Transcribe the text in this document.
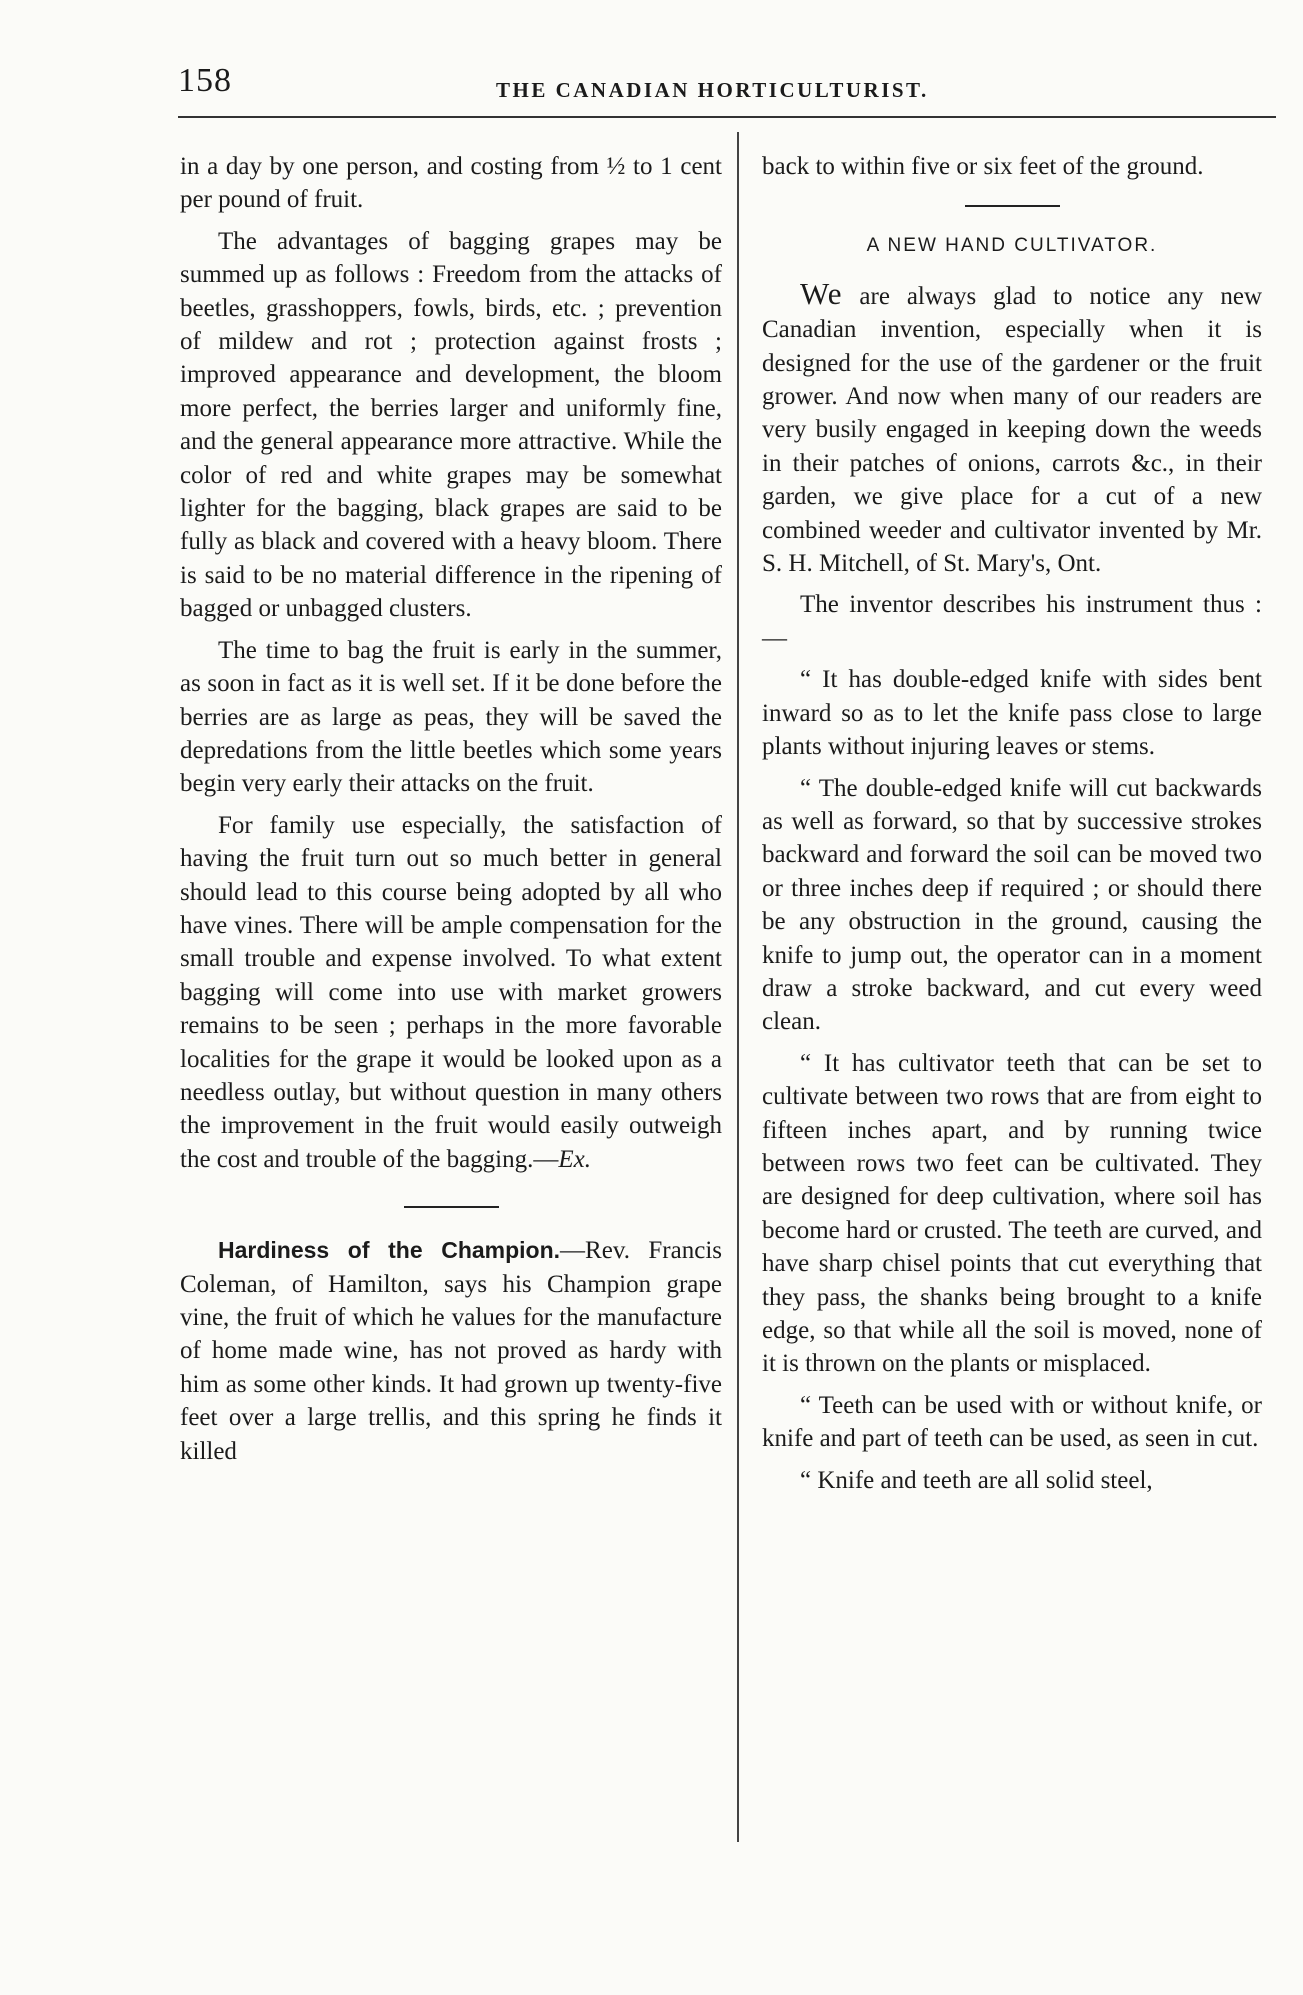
158	THE CANADIAN HORTICULTURIST.

in a day by one person, and costing from ½ to 1 cent per pound of fruit.

The advantages of bagging grapes may be summed up as follows : Freedom from the attacks of beetles, grasshoppers, fowls, birds, etc. ; prevention of mildew and rot ; protection against frosts ; improved appearance and development, the bloom more perfect, the berries larger and uniformly fine, and the general appearance more attractive. While the color of red and white grapes may be somewhat lighter for the bagging, black grapes are said to be fully as black and covered with a heavy bloom. There is said to be no material difference in the ripening of bagged or unbagged clusters.

The time to bag the fruit is early in the summer, as soon in fact as it is well set. If it be done before the berries are as large as peas, they will be saved the depredations from the little beetles which some years begin very early their attacks on the fruit.

For family use especially, the satisfaction of having the fruit turn out so much better in general should lead to this course being adopted by all who have vines. There will be ample compensation for the small trouble and expense involved. To what extent bagging will come into use with market growers remains to be seen ; perhaps in the more favorable localities for the grape it would be looked upon as a needless outlay, but without question in many others the improvement in the fruit would easily outweigh the cost and trouble of the bagging.—Ex.

Hardiness of the Champion.—Rev. Francis Coleman, of Hamilton, says his Champion grape vine, the fruit of which he values for the manufacture of home made wine, has not proved as hardy with him as some other kinds. It had grown up twenty-five feet over a large trellis, and this spring he finds it killed

back to within five or six feet of the ground.

A NEW HAND CULTIVATOR.

We are always glad to notice any new Canadian invention, especially when it is designed for the use of the gardener or the fruit grower. And now when many of our readers are very busily engaged in keeping down the weeds in their patches of onions, carrots &c., in their garden, we give place for a cut of a new combined weeder and cultivator invented by Mr. S. H. Mitchell, of St. Mary's, Ont.

The inventor describes his instrument thus :—

“ It has double-edged knife with sides bent inward so as to let the knife pass close to large plants without injuring leaves or stems.

“ The double-edged knife will cut backwards as well as forward, so that by successive strokes backward and forward the soil can be moved two or three inches deep if required ; or should there be any obstruction in the ground, causing the knife to jump out, the operator can in a moment draw a stroke backward, and cut every weed clean.

“ It has cultivator teeth that can be set to cultivate between two rows that are from eight to fifteen inches apart, and by running twice between rows two feet can be cultivated. They are designed for deep cultivation, where soil has become hard or crusted. The teeth are curved, and have sharp chisel points that cut everything that they pass, the shanks being brought to a knife edge, so that while all the soil is moved, none of it is thrown on the plants or misplaced.

“ Teeth can be used with or without knife, or knife and part of teeth can be used, as seen in cut.

“ Knife and teeth are all solid steel,
